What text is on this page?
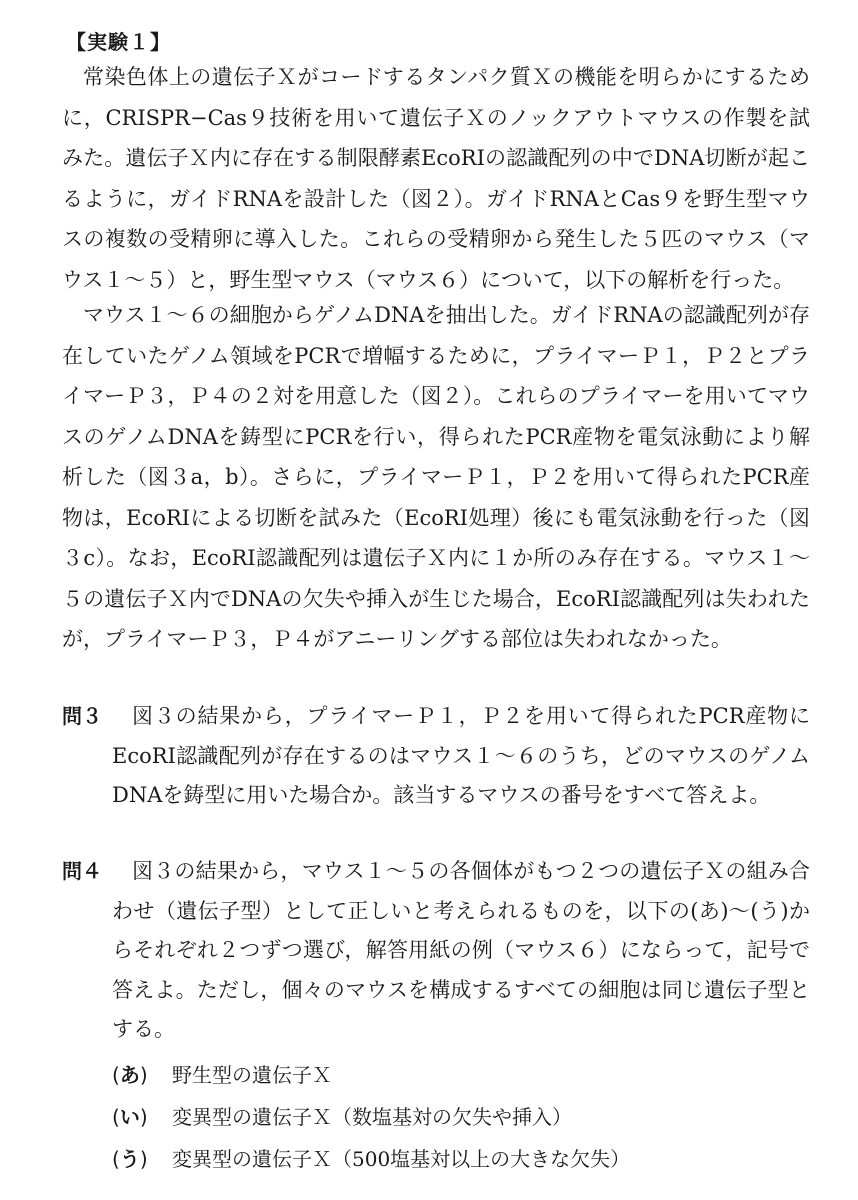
【実験１】

常染色体上の遺伝子Ｘがコードするタンパク質Ｘの機能を明らかにするために，CRISPR−Cas９技術を用いて遺伝子Ｘのノックアウトマウスの作製を試みた。遺伝子Ｘ内に存在する制限酵素EcoRIの認識配列の中でDNA切断が起こるように，ガイドRNAを設計した（図２）。ガイドRNAとCas９を野生型マウスの複数の受精卵に導入した。これらの受精卵から発生した５匹のマウス（マウス１〜５）と，野生型マウス（マウス６）について，以下の解析を行った。

マウス１〜６の細胞からゲノムDNAを抽出した。ガイドRNAの認識配列が存在していたゲノム領域をPCRで増幅するために，プライマーＰ１，Ｐ２とプライマーＰ３，Ｐ４の２対を用意した（図２）。これらのプライマーを用いてマウスのゲノムDNAを鋳型にPCRを行い，得られたPCR産物を電気泳動により解析した（図３a，b）。さらに，プライマーＰ１，Ｐ２を用いて得られたPCR産物は，EcoRIによる切断を試みた（EcoRI処理）後にも電気泳動を行った（図３c）。なお，EcoRI認識配列は遺伝子Ｘ内に１か所のみ存在する。マウス１〜５の遺伝子Ｘ内でDNAの欠失や挿入が生じた場合，EcoRI認識配列は失われたが，プライマーＰ３，Ｐ４がアニーリングする部位は失われなかった。

問３	図３の結果から，プライマーＰ１，Ｐ２を用いて得られたPCR産物にEcoRI認識配列が存在するのはマウス１〜６のうち，どのマウスのゲノムDNAを鋳型に用いた場合か。該当するマウスの番号をすべて答えよ。
問４	図３の結果から，マウス１〜５の各個体がもつ２つの遺伝子Ｘの組み合わせ（遺伝子型）として正しいと考えられるものを，以下の(あ)〜(う)からそれぞれ２つずつ選び，解答用紙の例（マウス６）にならって，記号で答えよ。ただし，個々のマウスを構成するすべての細胞は同じ遺伝子型とする。
(あ)	野生型の遺伝子Ｘ
(い)	変異型の遺伝子Ｘ（数塩基対の欠失や挿入）
(う)	変異型の遺伝子Ｘ（500塩基対以上の大きな欠失）
